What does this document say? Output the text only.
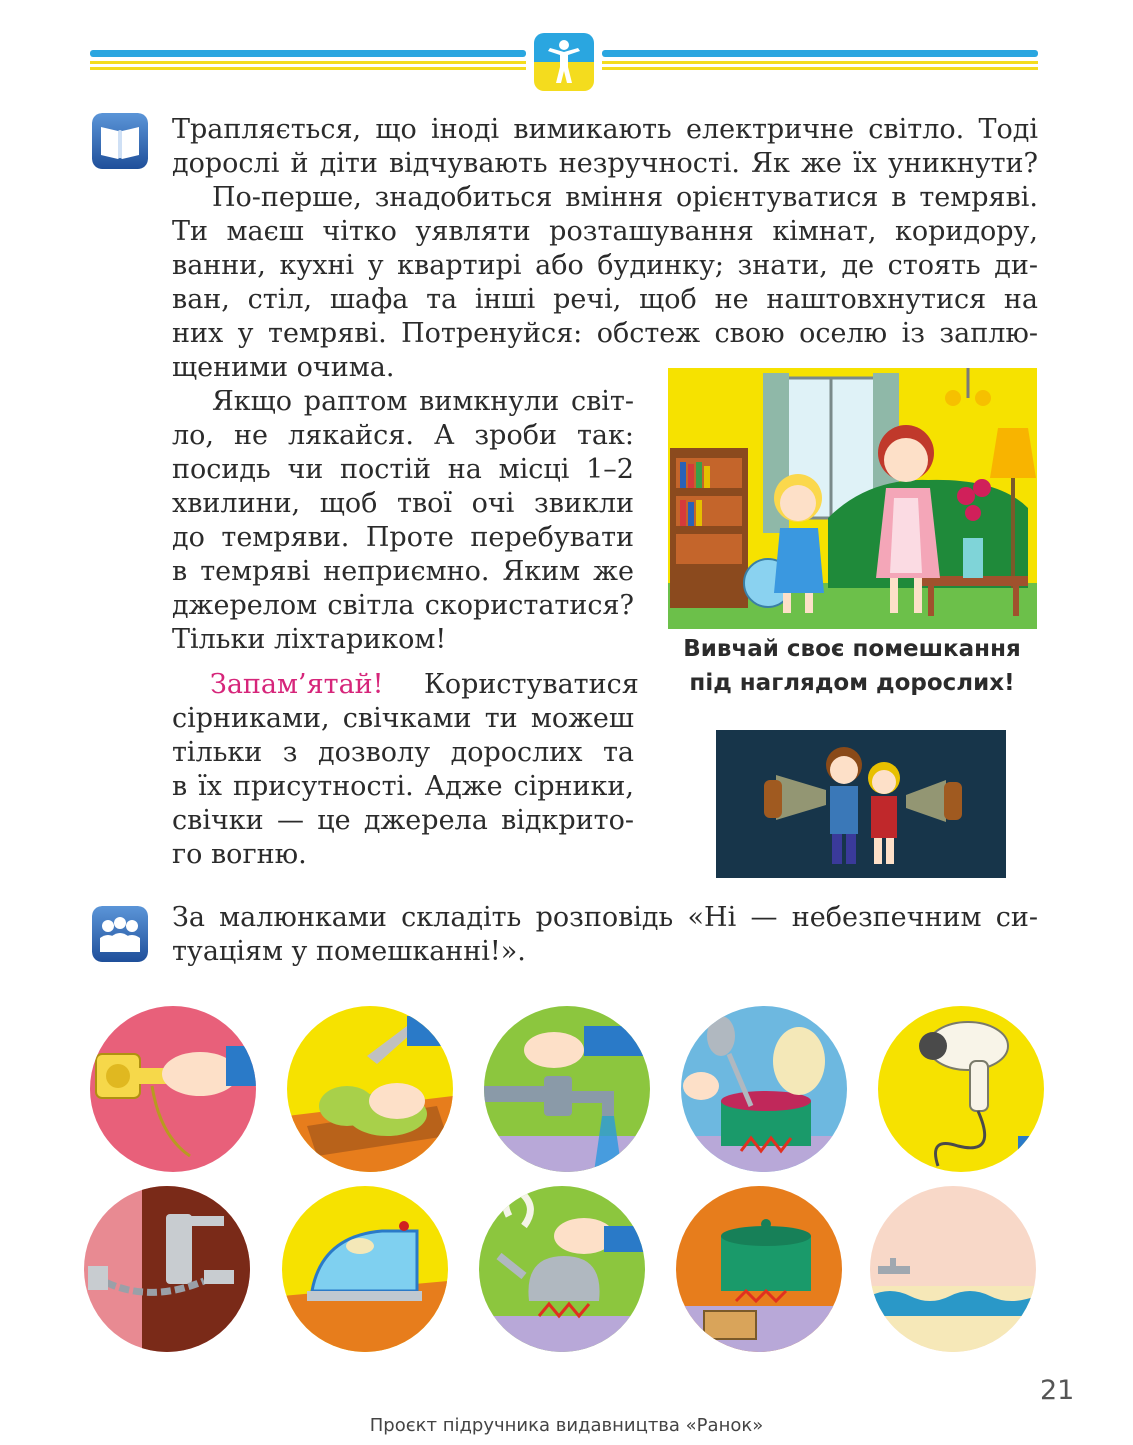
Трапляється, що іноді вимикають електричне світло. Тоді

дорослі й діти відчувають незручності. Як же їх уникнути?

По-перше, знадобиться вміння орієнтуватися в темряві.

Ти маєш чітко уявляти розташування кімнат, коридору,

ванни, кухні у квартирі або будинку; знати, де стоять ди-

ван, стіл, шафа та інші речі, щоб не наштовхнутися на

них у темряві. Потренуйся: обстеж свою оселю із заплю-

щеними очима.

Якщо раптом вимкнули світ-

ло, не лякайся. А зроби так:

посидь чи постій на місці 1–2

хвилини, щоб твої очі звикли

до темряви. Проте перебувати

в темряві неприємно. Яким же

джерелом світла скористатися?

Тільки ліхтариком!

Запам’ятай!	Користуватися

сірниками, свічками ти можеш

тільки з дозволу дорослих та

в їх присутності. Адже сірники,

свічки — це джерела відкрито-

го вогню.

Вивчай своє помешкання
під наглядом дорослих!

За малюнками складіть розповідь «Ні — небезпечним си-

туаціям у помешканні!».

21
Проєкт підручника видавництва «Ранок»
